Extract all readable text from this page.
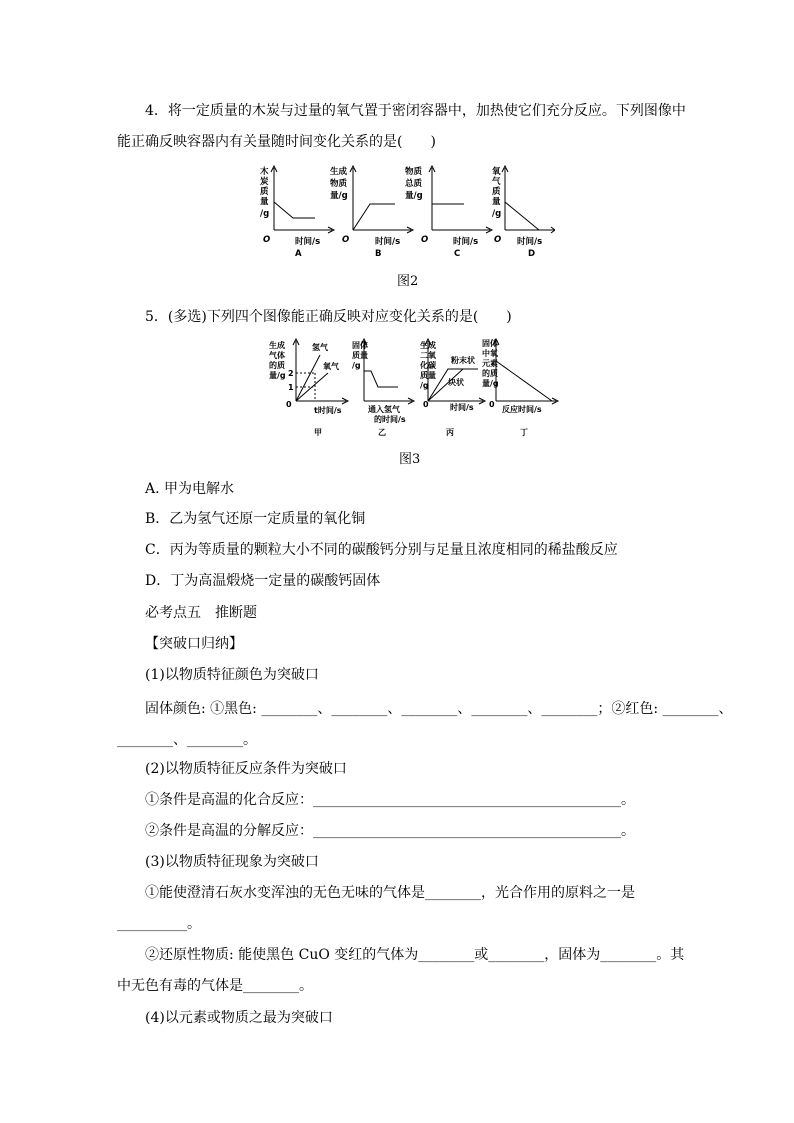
4．将一定质量的木炭与过量的氧气置于密闭容器中，加热使它们充分反应。下列图像中
能正确反映容器内有关量随时间变化关系的是(　　)
木
炭
质
量
/g
O	时间/s
A
生成
物质
量/g
O	时间/s
B
物质
总质
量/g
O	时间/s
C
氧
气
质
量
/g
O 时间/s
D
图2
5．(多选)下列四个图像能正确反映对应变化关系的是(　　)
生成
气体
的质
量/g 2
1
0
t时间/s
氢气
氧气
甲
固体
质量
/g
通入氢气
的时间/s
乙
生成
二氧
化碳
质量
/g
0	时间/s
粉末状
块状
丙
固体
中氧
元素
的质
量/g
0
反应时间/s
丁
图3
A. 甲为电解水
B．乙为氢气还原一定质量的氧化铜
C．丙为等质量的颗粒大小不同的碳酸钙分别与足量且浓度相同的稀盐酸反应
D．丁为高温煅烧一定量的碳酸钙固体
必考点五　推断题
【突破口归纳】
(1)以物质特征颜色为突破口
固体颜色: ①黑色: ________、________、________、________、________；②红色: ________、
________、________。
(2)以物质特征反应条件为突破口
①条件是高温的化合反应：____________________________________________。
②条件是高温的分解反应：____________________________________________。
(3)以物质特征现象为突破口
①能使澄清石灰水变浑浊的无色无味的气体是________，光合作用的原料之一是
__________。
②还原性物质: 能使黑色 CuO 变红的气体为________或________，固体为________。其
中无色有毒的气体是________。
(4)以元素或物质之最为突破口
